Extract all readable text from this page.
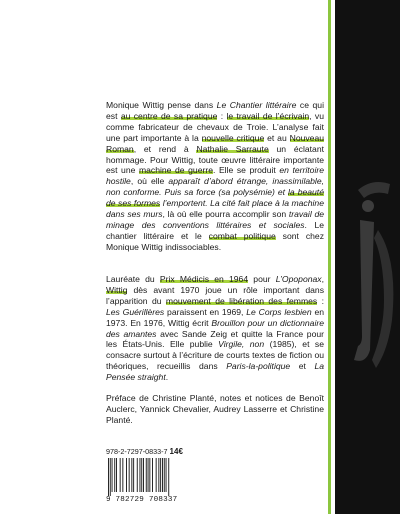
Monique Wittig pense dans Le Chantier littéraire ce qui est au centre de sa pratique : le travail de l’écrivain, vu comme fabricateur de chevaux de Troie. L’analyse fait une part importante à la nouvelle critique et au Nouveau Roman, et rend à Nathalie Sarraute un éclatant hommage. Pour Wittig, toute œuvre littéraire importante est une machine de guerre. Elle se produit en territoire hostile, où elle apparaît d’abord étrange, inassimilable, non conforme. Puis sa force (sa polysémie) et la beauté de ses formes l’emportent. La cité fait place à la machine dans ses murs, là où elle pourra accomplir son travail de minage des conventions littéraires et sociales. Le chantier littéraire et le combat politique sont chez Monique Wittig indissociables.
Lauréate du Prix Médicis en 1964 pour L’Opoponax, Wittig dès avant 1970 joue un rôle important dans l’apparition du mouvement de libération des femmes : Les Guérillères paraissent en 1969, Le Corps lesbien en 1973. En 1976, Wittig écrit Brouillon pour un dictionnaire des amantes avec Sande Zeig et quitte la France pour les États-Unis. Elle publie Virgile, non (1985), et se consacre surtout à l’écriture de courts textes de fiction ou théoriques, recueillis dans Paris-la-politique et La Pensée straight.
Préface de Christine Planté, notes et notices de Benoît Auclerc, Yannick Chevalier, Audrey Lasserre et Christine Planté.
978-2-7297-0833-7 14€
9 782729 708337
